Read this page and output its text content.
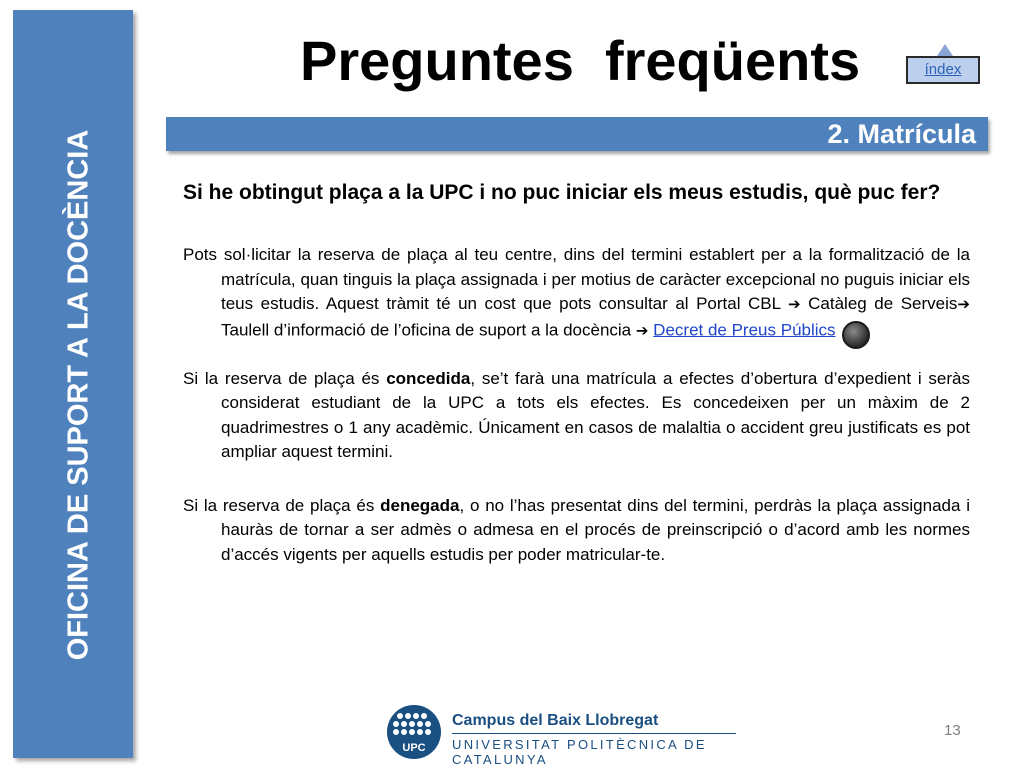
OFICINA DE SUPORT A LA DOCÈNCIA
Preguntes  freqüents	índex
2. Matrícula

Si he obtingut plaça a la UPC i no puc iniciar els meus estudis, què puc fer?

Pots sol·licitar la reserva de plaça al teu centre, dins del termini establert per a la formalització de la matrícula, quan tinguis la plaça assignada i per motius de caràcter excepcional no puguis iniciar els teus estudis. Aquest tràmit té un cost que pots consultar al Portal CBL ➔ Catàleg de Serveis➔ Taulell d’informació de l’oficina de suport a la docència ➔ Decret de Preus Públicsi

Si la reserva de plaça és concedida, se’t farà una matrícula a efectes d’obertura d’expedient i seràs considerat estudiant de la UPC a tots els efectes. Es concedeixen per un màxim de 2 quadrimestres o 1 any acadèmic. Únicament en casos de malaltia o accident greu justificats es pot ampliar aquest termini.

Si la reserva de plaça és denegada, o no l’has presentat dins del termini, perdràs la plaça assignada i hauràs de tornar a ser admès o admesa en el procés de preinscripció o d’acord amb les normes d’accés vigents per aquells estudis per poder matricular-te.

UPC
Campus del Baix Llobregat
UNIVERSITAT POLITÈCNICA DE CATALUNYA
13
